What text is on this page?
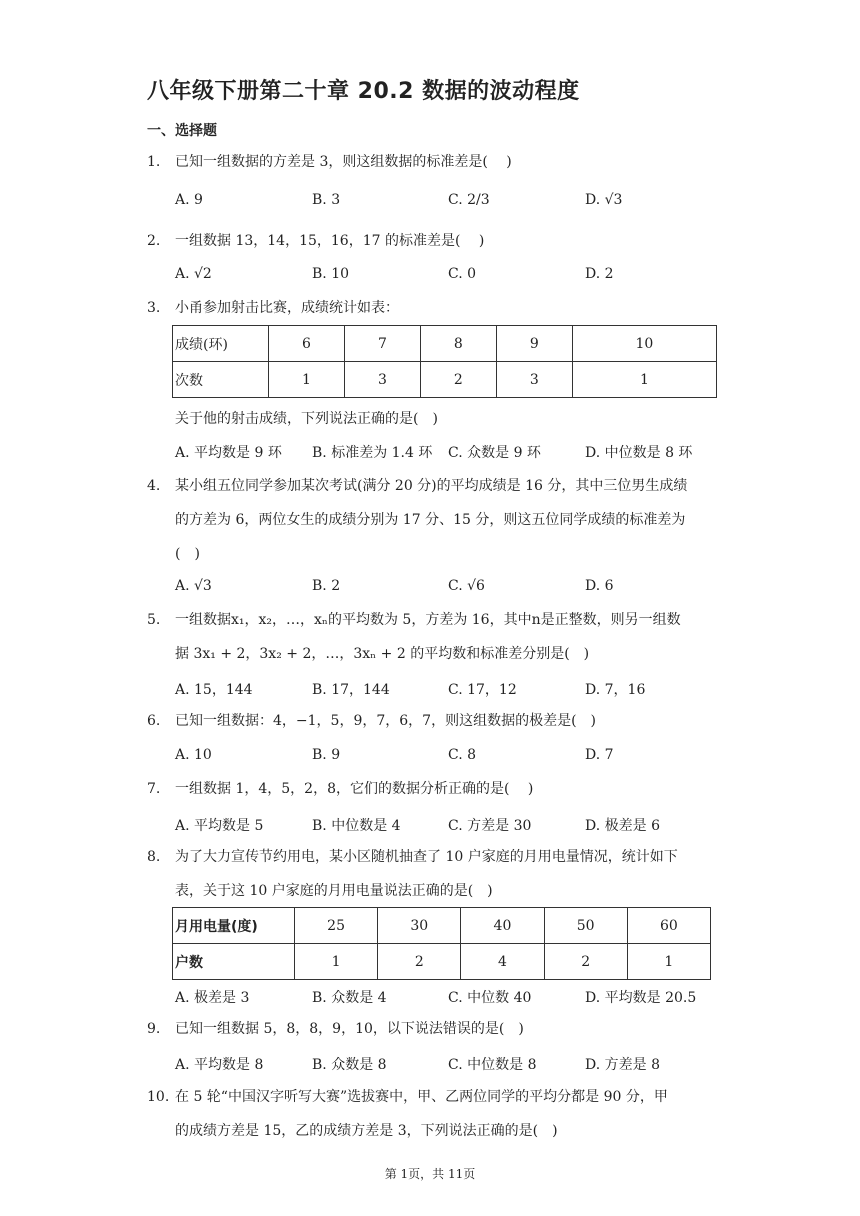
八年级下册第二十章 20.2 数据的波动程度
一、选择题
1.	已知一组数据的方差是 3，则这组数据的标准差是(　 )
A. 9	B. 3	C. 2/3	D. √3
2.	一组数据 13，14，15，16，17 的标准差是(　 )
A. √2	B. 10	C. 0	D. 2
3.	小甬参加射击比赛，成绩统计如表：
成绩(环)	6	7	8	9	10
次数	1	3	2	3	1
关于他的射击成绩，下列说法正确的是(　)
A. 平均数是 9 环 B. 标准差为 1.4 环 C. 众数是 9 环	D. 中位数是 8 环
4.	某小组五位同学参加某次考试(满分 20 分)的平均成绩是 16 分，其中三位男生成绩
的方差为 6，两位女生的成绩分别为 17 分、15 分，则这五位同学成绩的标准差为
(　)
A. √3	B. 2	C. √6	D. 6
5.	一组数据x₁，x₂，…，xₙ的平均数为 5，方差为 16，其中n是正整数，则另一组数
据 3x₁ + 2，3x₂ + 2，…，3xₙ + 2 的平均数和标准差分别是(　)
A. 15，144	B. 17，144	C. 17，12	D. 7，16
6.	已知一组数据：4，−1，5，9，7，6，7，则这组数据的极差是(　)
A. 10	B. 9	C. 8	D. 7
7.	一组数据 1，4，5，2，8，它们的数据分析正确的是(　 )
A. 平均数是 5	B. 中位数是 4	C. 方差是 30	D. 极差是 6
8.	为了大力宣传节约用电，某小区随机抽查了 10 户家庭的月用电量情况，统计如下
表，关于这 10 户家庭的月用电量说法正确的是(　)
月用电量(度)	25	30	40	50	60
户数	1	2	4	2	1
A. 极差是 3	B. 众数是 4	C. 中位数 40	D. 平均数是 20.5
9.	已知一组数据 5，8，8，9，10，以下说法错误的是(　)
A. 平均数是 8	B. 众数是 8	C. 中位数是 8	D. 方差是 8
10. 在 5 轮“中国汉字听写大赛”选拔赛中，甲、乙两位同学的平均分都是 90 分，甲
的成绩方差是 15，乙的成绩方差是 3，下列说法正确的是(　)
第 1页，共 11页
